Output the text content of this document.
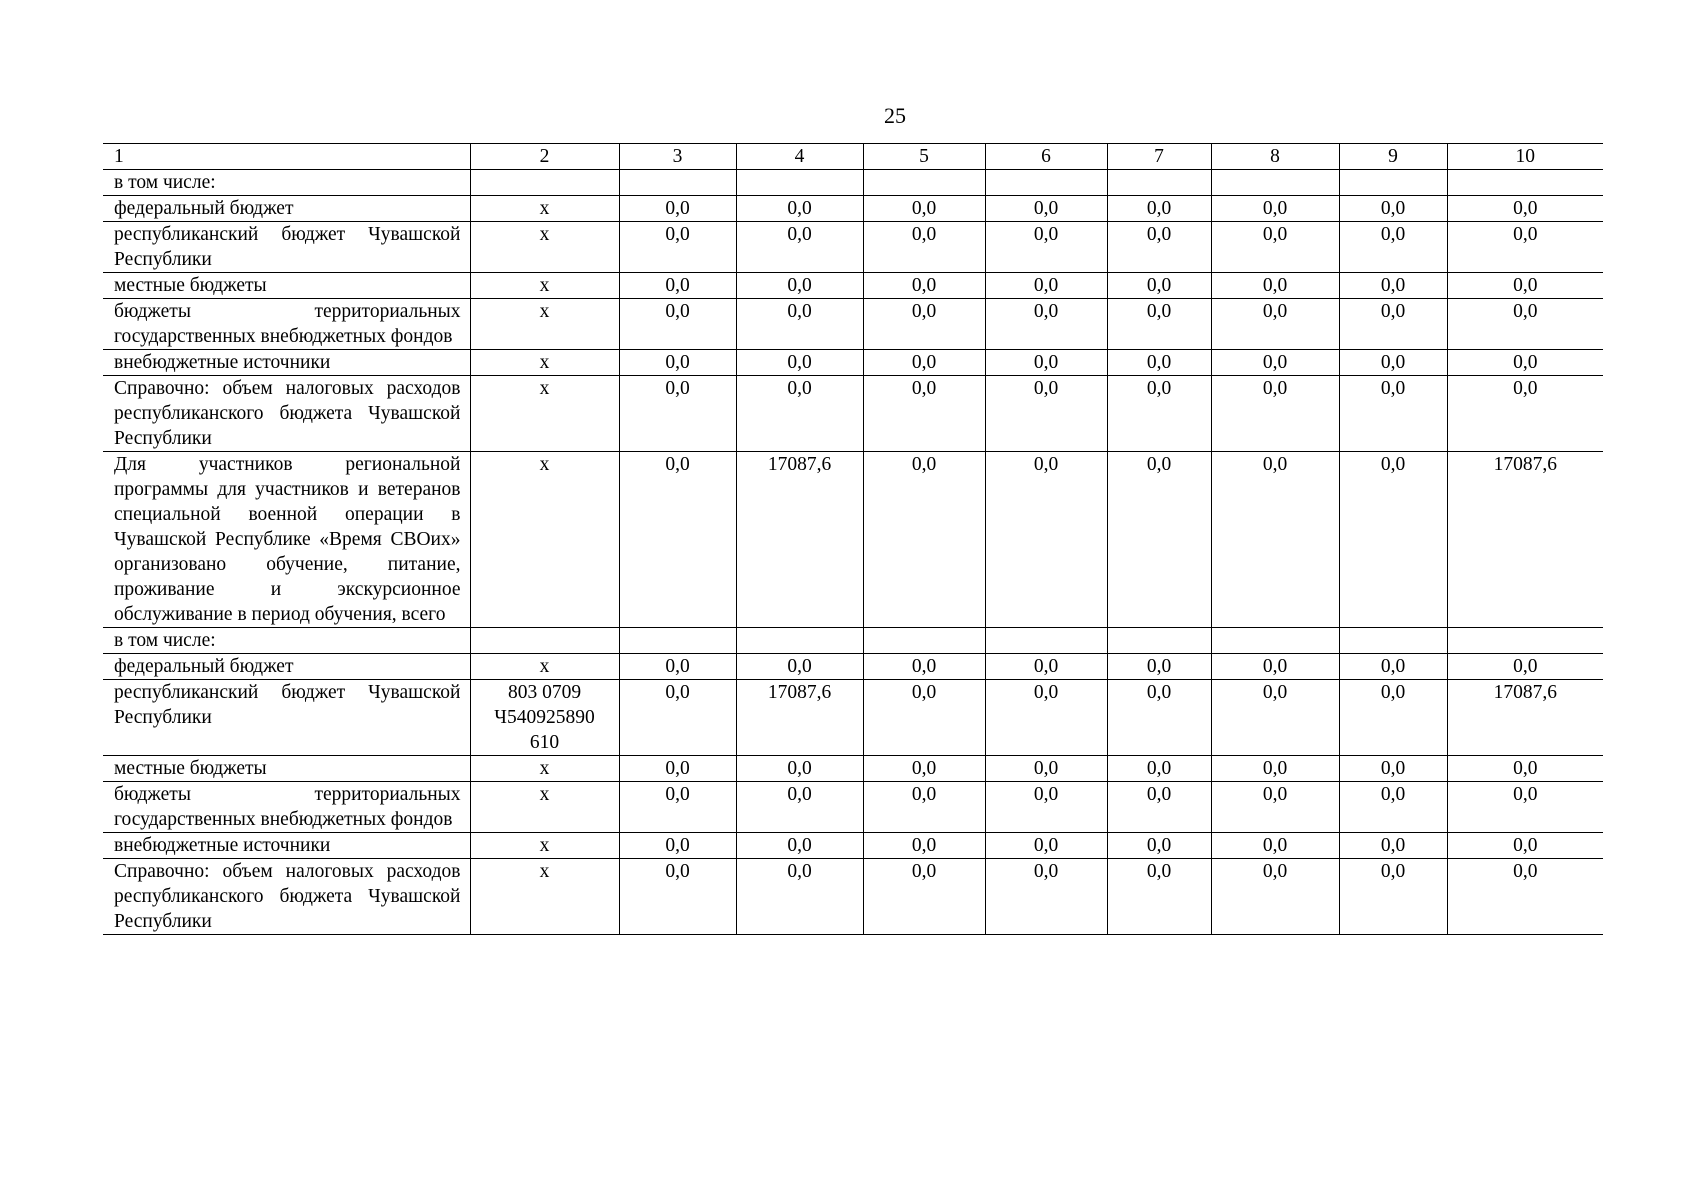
25
1	2	3	4	5	6	7	8	9	10
в том числе:									
федеральный бюджет	x	0,0	0,0	0,0	0,0	0,0	0,0	0,0	0,0
республиканский бюджет Чувашской Республики	x	0,0	0,0	0,0	0,0	0,0	0,0	0,0	0,0
местные бюджеты	x	0,0	0,0	0,0	0,0	0,0	0,0	0,0	0,0
бюджеты территориальных государственных внебюджетных фондов	x	0,0	0,0	0,0	0,0	0,0	0,0	0,0	0,0
внебюджетные источники	x	0,0	0,0	0,0	0,0	0,0	0,0	0,0	0,0
Справочно: объем налоговых расходов республиканского бюджета Чувашской Республики	x	0,0	0,0	0,0	0,0	0,0	0,0	0,0	0,0
Для участников региональной программы для участников и ветеранов специальной военной операции в Чувашской Республике «Время СВОих» организовано обучение, питание, проживание и экскурсионное обслуживание в период обучения, всего	x	0,0	17087,6	0,0	0,0	0,0	0,0	0,0	17087,6
в том числе:									
федеральный бюджет	x	0,0	0,0	0,0	0,0	0,0	0,0	0,0	0,0
республиканский бюджет Чувашской Республики	803 0709 Ч540925890 610	0,0	17087,6	0,0	0,0	0,0	0,0	0,0	17087,6
местные бюджеты	x	0,0	0,0	0,0	0,0	0,0	0,0	0,0	0,0
бюджеты территориальных государственных внебюджетных фондов	x	0,0	0,0	0,0	0,0	0,0	0,0	0,0	0,0
внебюджетные источники	x	0,0	0,0	0,0	0,0	0,0	0,0	0,0	0,0
Справочно: объем налоговых расходов республиканского бюджета Чувашской Республики	x	0,0	0,0	0,0	0,0	0,0	0,0	0,0	0,0
